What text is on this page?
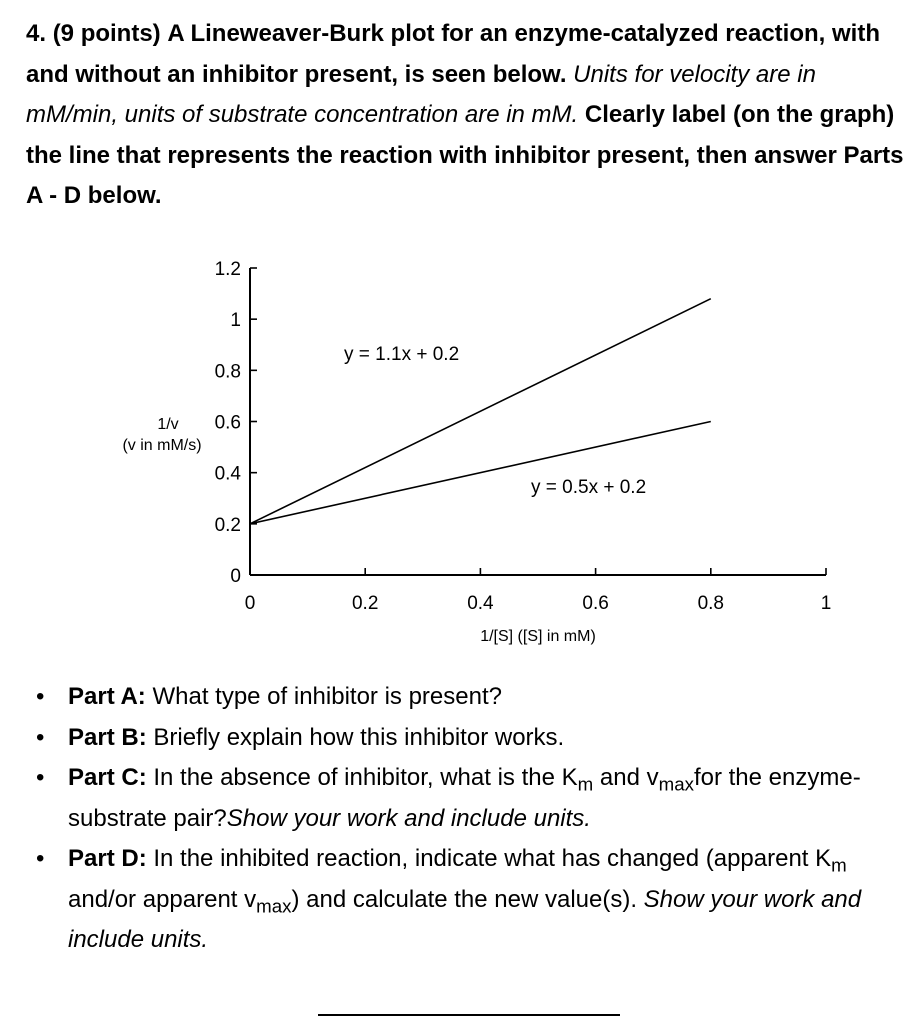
4. (9 points) A Lineweaver-Burk plot for an enzyme-catalyzed reaction, with and without an inhibitor present, is seen below. Units for velocity are in mM/min, units of substrate concentration are in mM. Clearly label (on the graph) the line that represents the reaction with inhibitor present, then answer Parts A - D below.
0
0.2
0.4
0.6
0.8
1
1.2
0	0.2	0.4	0.6	0.8	1
y = 1.1x + 0.2
y = 0.5x + 0.2
1/v
(v in mM/s)
1/[S] ([S] in mM)
• Part A: What type of inhibitor is present?
• Part B: Briefly explain how this inhibitor works.
• Part C: In the absence of inhibitor, what is the $K_m$ and $v_{max}for$ the enzyme-substrate pair?Show your work and include units.
• Part D: In the inhibited reaction, indicate what has changed (apparent $K_m$ and/or apparent $v_{max}$) and calculate the new value(s). Show your work and include units.
